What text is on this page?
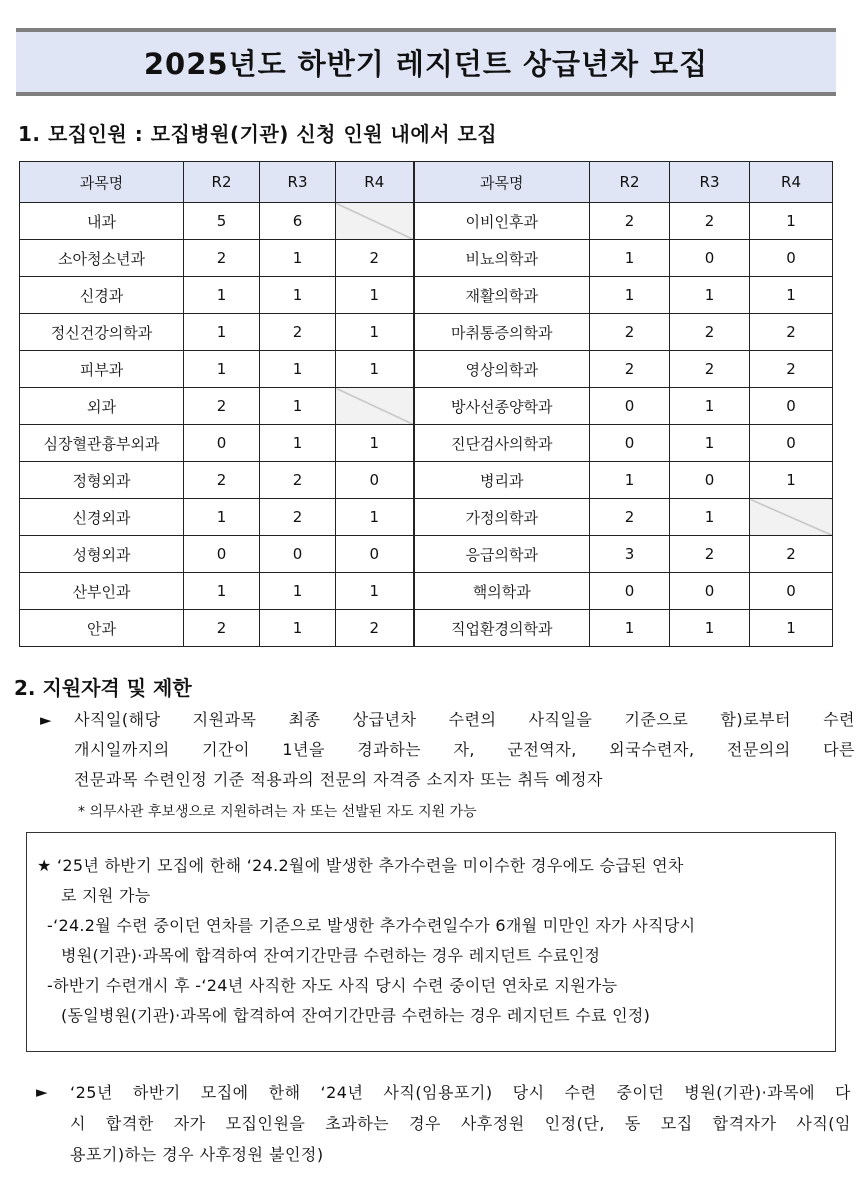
2025년도 하반기 레지던트 상급년차 모집
1. 모집인원 : 모집병원(기관) 신청 인원 내에서 모집
과목명	R2	R3	R4	과목명	R2	R3	R4
내과	5	6		이비인후과	2	2	1
소아청소년과	2	1	2	비뇨의학과	1	0	0
신경과	1	1	1	재활의학과	1	1	1
정신건강의학과	1	2	1	마취통증의학과	2	2	2
피부과	1	1	1	영상의학과	2	2	2
외과	2	1		방사선종양학과	0	1	0
심장혈관흉부외과	0	1	1	진단검사의학과	0	1	0
정형외과	2	2	0	병리과	1	0	1
신경외과	1	2	1	가정의학과	2	1	
성형외과	0	0	0	응급의학과	3	2	2
산부인과	1	1	1	핵의학과	0	0	0
안과	2	1	2	직업환경의학과	1	1	1
2. 지원자격 및 제한
►	사직일(해당 지원과목 최종 상급년차 수련의 사직일을 기준으로 함)로부터 수련
개시일까지의 기간이 1년을 경과하는 자, 군전역자, 외국수련자, 전문의의 다른
전문과목 수련인정 기준 적용과의 전문의 자격증 소지자 또는 취득 예정자
* 의무사관 후보생으로 지원하려는 자 또는 선발된 자도 지원 가능
★ ‘25년 하반기 모집에 한해 ‘24.2월에 발생한 추가수련을 미이수한 경우에도 승급된 연차
로 지원 가능
-‘24.2월 수련 중이던 연차를 기준으로 발생한 추가수련일수가 6개월 미만인 자가 사직당시
병원(기관)·과목에 합격하여 잔여기간만큼 수련하는 경우 레지던트 수료인정
-하반기 수련개시 후 -‘24년 사직한 자도 사직 당시 수련 중이던 연차로 지원가능
(동일병원(기관)·과목에 합격하여 잔여기간만큼 수련하는 경우 레지던트 수료 인정)
►	‘25년 하반기 모집에 한해 ‘24년 사직(임용포기) 당시 수련 중이던 병원(기관)·과목에 다
시 합격한 자가 모집인원을 초과하는 경우 사후정원 인정(단, 동 모집 합격자가 사직(임
용포기)하는 경우 사후정원 불인정)
